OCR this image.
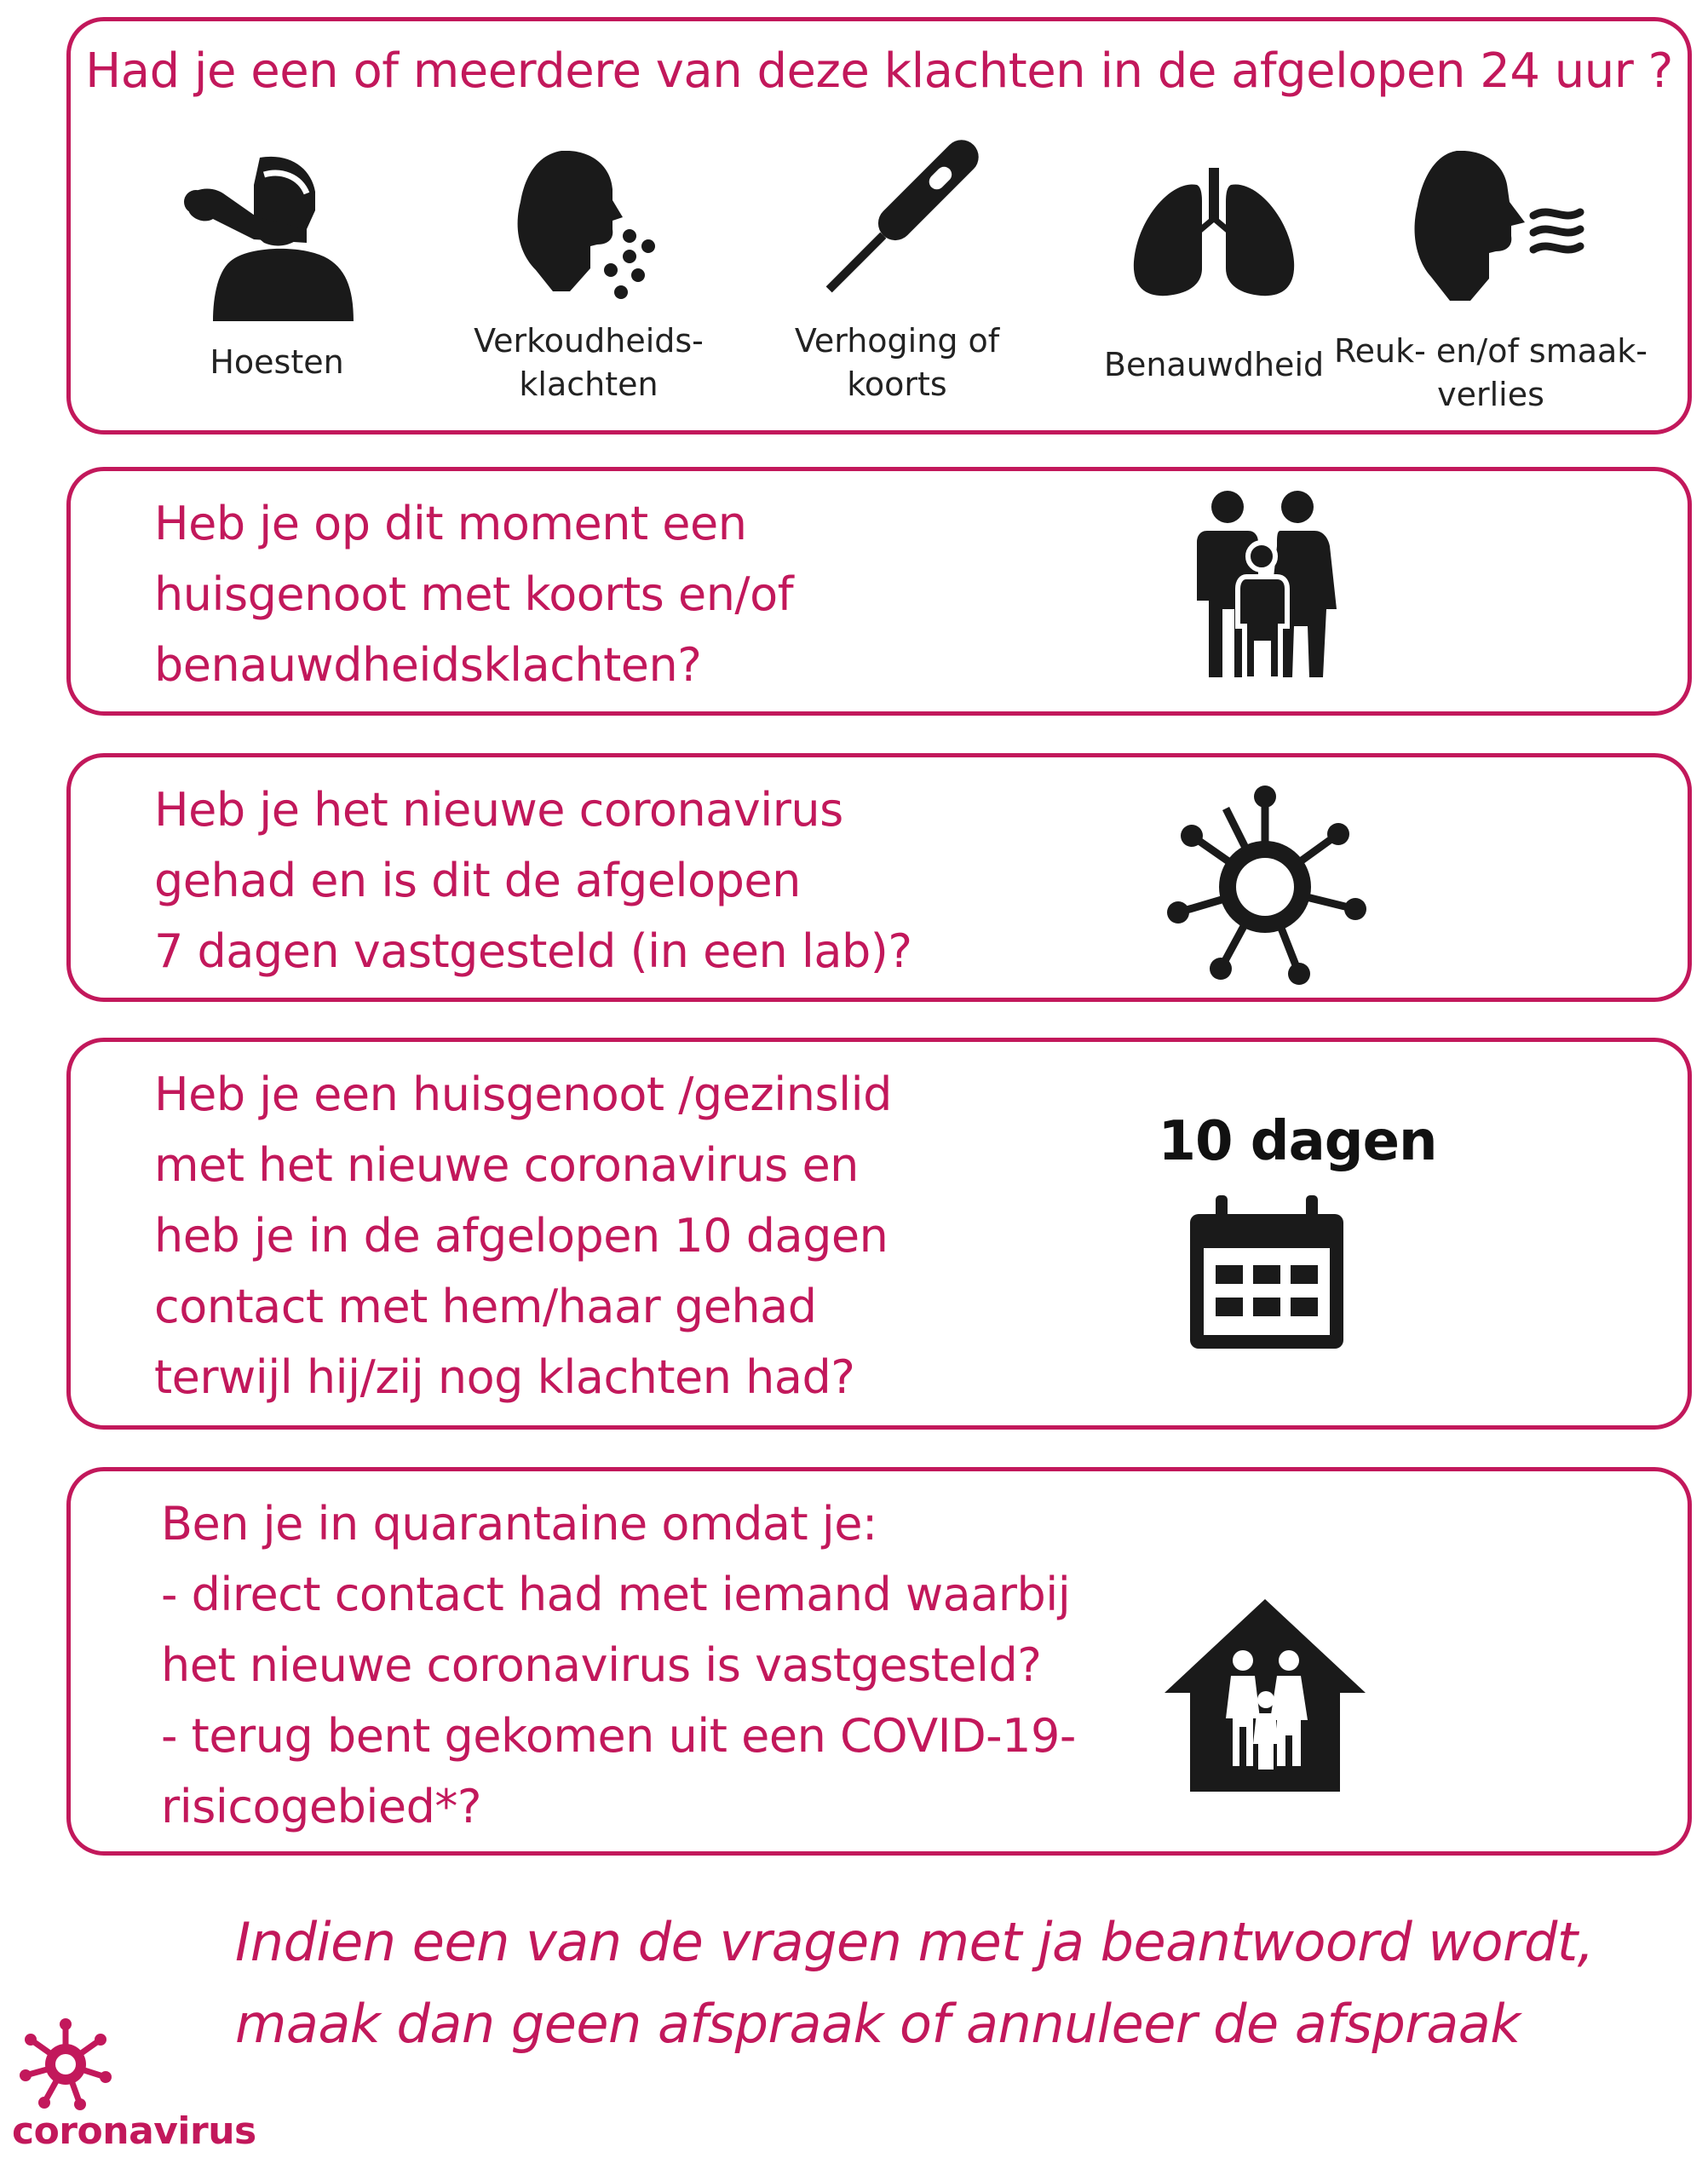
Had je een of meerdere van deze klachten in de afgelopen 24 uur ?
Hoesten
Verkoudheids-
klachten
Verhoging of
koorts
Benauwdheid Reuk- en/of smaak-
verlies

Heb je op dit moment een
huisgenoot met koorts en/of
benauwdheidsklachten?

Heb je het nieuwe coronavirus
gehad en is dit de afgelopen
7 dagen vastgesteld (in een lab)?

Heb je een huisgenoot /gezinslid
met het nieuwe coronavirus en
heb je in de afgelopen 10 dagen
contact met hem/haar gehad
terwijl hij/zij nog klachten had?

10 dagen

Ben je in quarantaine omdat je:
- direct contact had met iemand waarbij
het nieuwe coronavirus is vastgesteld?
- terug bent gekomen uit een COVID-19-
risicogebied*?

Indien een van de vragen met ja beantwoord wordt,
maak dan geen afspraak of annuleer de afspraak

coronavirus
